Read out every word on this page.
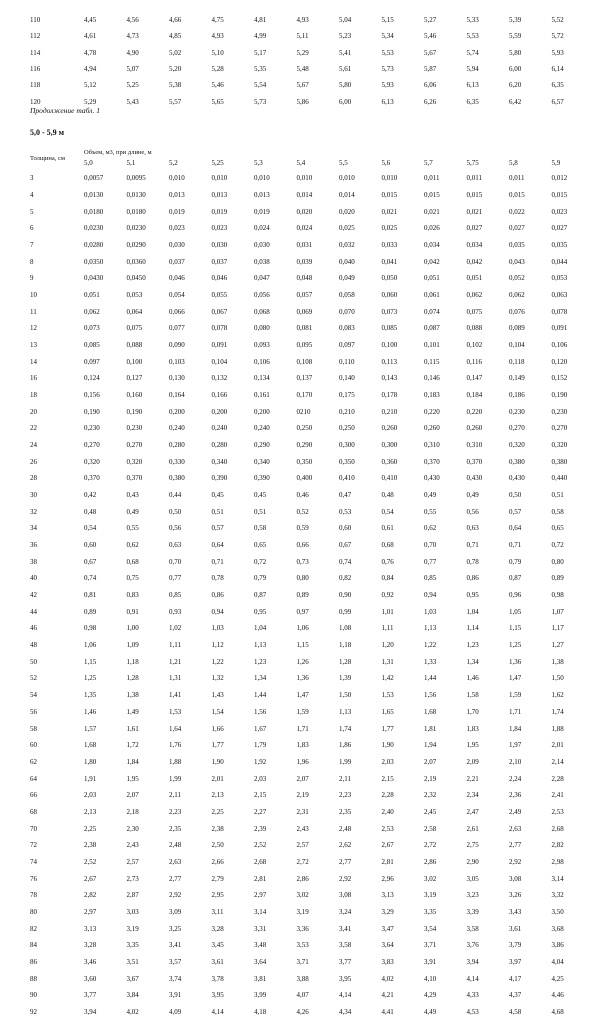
110	4,45	4,56	4,66	4,75	4,81	4,93	5,04	5,15	5,27	5,33	5,39	5,52
112	4,61	4,73	4,85	4,93	4,99	5,11	5,23	5,34	5,46	5,53	5,59	5,72
114	4,78	4,90	5,02	5,10	5,17	5,29	5,41	5,53	5,67	5,74	5,80	5,93
116	4,94	5,07	5,20	5,28	5,35	5,48	5,61	5,73	5,87	5,94	6,00	6,14
118	5,12	5,25	5,38	5,46	5,54	5,67	5,80	5,93	6,06	6,13	6,20	6,35
120	5,29	5,43	5,57	5,65	5,73	5,86	6,00	6,13	6,26	6,35	6,42	6,57
Продолжение табл. 1
5,0 - 5,9 м
Объем, м3, при длине, м
Толщина, см
	5,0	5,1	5,2	5,25	5,3	5,4	5,5	5,6	5,7	5,75	5,8	5,9
3	0,0057	0,0095	0,010	0,010	0,010	0,010	0,010	0,010	0,011	0,011	0,011	0,012
4	0,0130	0,0130	0,013	0,013	0,013	0,014	0,014	0,015	0,015	0,015	0,015	0,015
5	0,0180	0,0180	0,019	0,019	0,019	0,020	0,020	0,021	0,021	0,021	0,022	0,023
6	0,0230	0,0230	0,023	0,023	0,024	0,024	0,025	0,025	0,026	0,027	0,027	0,027
7	0,0280	0,0290	0,030	0,030	0,030	0,031	0,032	0,033	0,034	0,034	0,035	0,035
8	0,0350	0,0360	0,037	0,037	0,038	0,039	0,040	0,041	0,042	0,042	0,043	0,044
9	0,0430	0,0450	0,046	0,046	0,047	0,048	0,049	0,050	0,051	0,051	0,052	0,053
10	0,051	0,053	0,054	0,055	0,056	0,057	0,058	0,060	0,061	0,062	0,062	0,063
11	0,062	0,064	0,066	0,067	0,068	0,069	0,070	0,073	0,074	0,075	0,076	0,078
12	0,073	0,075	0,077	0,078	0,080	0,081	0,083	0,085	0,087	0,088	0,089	0,091
13	0,085	0,088	0,090	0,091	0,093	0,095	0,097	0,100	0,101	0,102	0,104	0,106
14	0,097	0,100	0,103	0,104	0,106	0,108	0,110	0,113	0,115	0,116	0,118	0,120
16	0,124	0,127	0,130	0,132	0,134	0,137	0,140	0,143	0,146	0,147	0,149	0,152
18	0,156	0,160	0,164	0,166	0,161	0,170	0,175	0,178	0,183	0,184	0,186	0,190
20	0,190	0,190	0,200	0,200	0,200	0210	0,210	0,210	0,220	0,220	0,230	0,230
22	0,230	0,230	0,240	0,240	0,240	0,250	0,250	0,260	0,260	0,260	0,270	0,270
24	0,270	0,270	0,280	0,280	0,290	0,290	0,300	0,300	0,310	0,310	0,320	0,320
26	0,320	0,320	0,330	0,340	0,340	0,350	0,350	0,360	0,370	0,370	0,380	0,380
28	0,370	0,370	0,380	0,390	0,390	0,400	0,410	0,410	0,430	0,430	0,430	0,440
30	0,42	0,43	0,44	0,45	0,45	0,46	0,47	0,48	0,49	0,49	0,50	0,51
32	0,48	0,49	0,50	0,51	0,51	0,52	0,53	0,54	0,55	0,56	0,57	0,58
34	0,54	0,55	0,56	0,57	0,58	0,59	0,60	0,61	0,62	0,63	0,64	0,65
36	0,60	0,62	0,63	0,64	0,65	0,66	0,67	0,68	0,70	0,71	0,71	0,72
38	0,67	0,68	0,70	0,71	0,72	0,73	0,74	0,76	0,77	0,78	0,79	0,80
40	0,74	0,75	0,77	0,78	0,79	0,80	0,82	0,84	0,85	0,86	0,87	0,89
42	0,81	0,83	0,85	0,86	0,87	0,89	0,90	0,92	0,94	0,95	0,96	0,98
44	0,89	0,91	0,93	0,94	0,95	0,97	0,99	1,01	1,03	1,04	1,05	1,07
46	0,98	1,00	1,02	1,03	1,04	1,06	1,08	1,11	1,13	1,14	1,15	1,17
48	1,06	1,09	1,11	1,12	1,13	1,15	1,18	1,20	1,22	1,23	1,25	1,27
50	1,15	1,18	1,21	1,22	1,23	1,26	1,28	1,31	1,33	1,34	1,36	1,38
52	1,25	1,28	1,31	1,32	1,34	1,36	1,39	1,42	1,44	1,46	1,47	1,50
54	1,35	1,38	1,41	1,43	1,44	1,47	1,50	1,53	1,56	1,58	1,59	1,62
56	1,46	1,49	1,53	1,54	1,56	1,59	1,13	1,65	1,68	1,70	1,71	1,74
58	1,57	1,61	1,64	1,66	1,67	1,71	1,74	1,77	1,81	1,83	1,84	1,88
60	1,68	1,72	1,76	1,77	1,79	1,83	1,86	1,90	1,94	1,95	1,97	2,01
62	1,80	1,84	1,88	1,90	1,92	1,96	1,99	2,03	2,07	2,09	2,10	2,14
64	1,91	1,95	1,99	2,01	2,03	2,07	2,11	2,15	2,19	2,21	2,24	2,28
66	2,03	2,07	2,11	2,13	2,15	2,19	2,23	2,28	2,32	2,34	2,36	2,41
68	2,13	2,18	2,23	2,25	2,27	2,31	2,35	2,40	2,45	2,47	2,49	2,53
70	2,25	2,30	2,35	2,38	2,39	2,43	2,48	2,53	2,58	2,61	2,63	2,68
72	2,38	2,43	2,48	2,50	2,52	2,57	2,62	2,67	2,72	2,75	2,77	2,82
74	2,52	2,57	2,63	2,66	2,68	2,72	2,77	2,81	2,86	2,90	2,92	2,98
76	2,67	2,73	2,77	2,79	2,81	2,86	2,92	2,96	3,02	3,05	3,08	3,14
78	2,82	2,87	2,92	2,95	2,97	3,02	3,08	3,13	3,19	3,23	3,26	3,32
80	2,97	3,03	3,09	3,11	3,14	3,19	3,24	3,29	3,35	3,39	3,43	3,50
82	3,13	3,19	3,25	3,28	3,31	3,36	3,41	3,47	3,54	3,58	3,61	3,68
84	3,28	3,35	3,41	3,45	3,48	3,53	3,58	3,64	3,71	3,76	3,79	3,86
86	3,46	3,51	3,57	3,61	3,64	3,71	3,77	3,83	3,91	3,94	3,97	4,04
88	3,60	3,67	3,74	3,78	3,81	3,88	3,95	4,02	4,10	4,14	4,17	4,25
90	3,77	3,84	3,91	3,95	3,99	4,07	4,14	4,21	4,29	4,33	4,37	4,46
92	3,94	4,02	4,09	4,14	4,18	4,26	4,34	4,41	4,49	4,53	4,58	4,68
